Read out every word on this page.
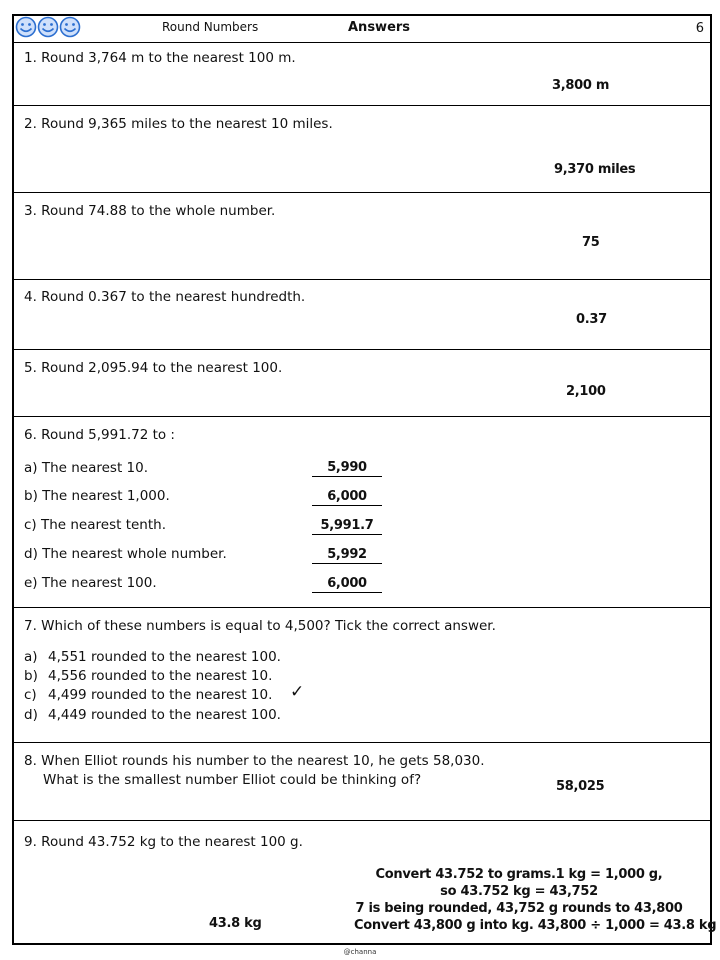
Round Numbers	Answers	6
1. Round 3,764 m to the nearest 100 m.
3,800 m
2. Round 9,365 miles to the nearest 10 miles.
9,370 miles
3. Round 74.88 to the whole number.
75
4. Round 0.367 to the nearest hundredth.
0.37
5. Round 2,095.94 to the nearest 100.
2,100
6. Round 5,991.72 to :
a) The nearest 10.	5,990
b) The nearest 1,000.	6,000
c) The nearest tenth.	5,991.7
d) The nearest whole number.	5,992
e) The nearest 100.	6,000
7. Which of these numbers is equal to 4,500? Tick the correct answer.
a) 4,551 rounded to the nearest 100.
b) 4,556 rounded to the nearest 10.
c) 4,499 rounded to the nearest 10. ✓
d) 4,449 rounded to the nearest 100.
8. When Elliot rounds his number to the nearest 10, he gets 58,030.
What is the smallest number Elliot could be thinking of?	58,025
9. Round 43.752 kg to the nearest 100 g.
43.8 kg
Convert 43.752 to grams.1 kg = 1,000 g,
so 43.752 kg = 43,752
7 is being rounded, 43,752 g rounds to 43,800
Convert 43,800 g into kg. 43,800 ÷ 1,000 = 43.8 kg
@channa
